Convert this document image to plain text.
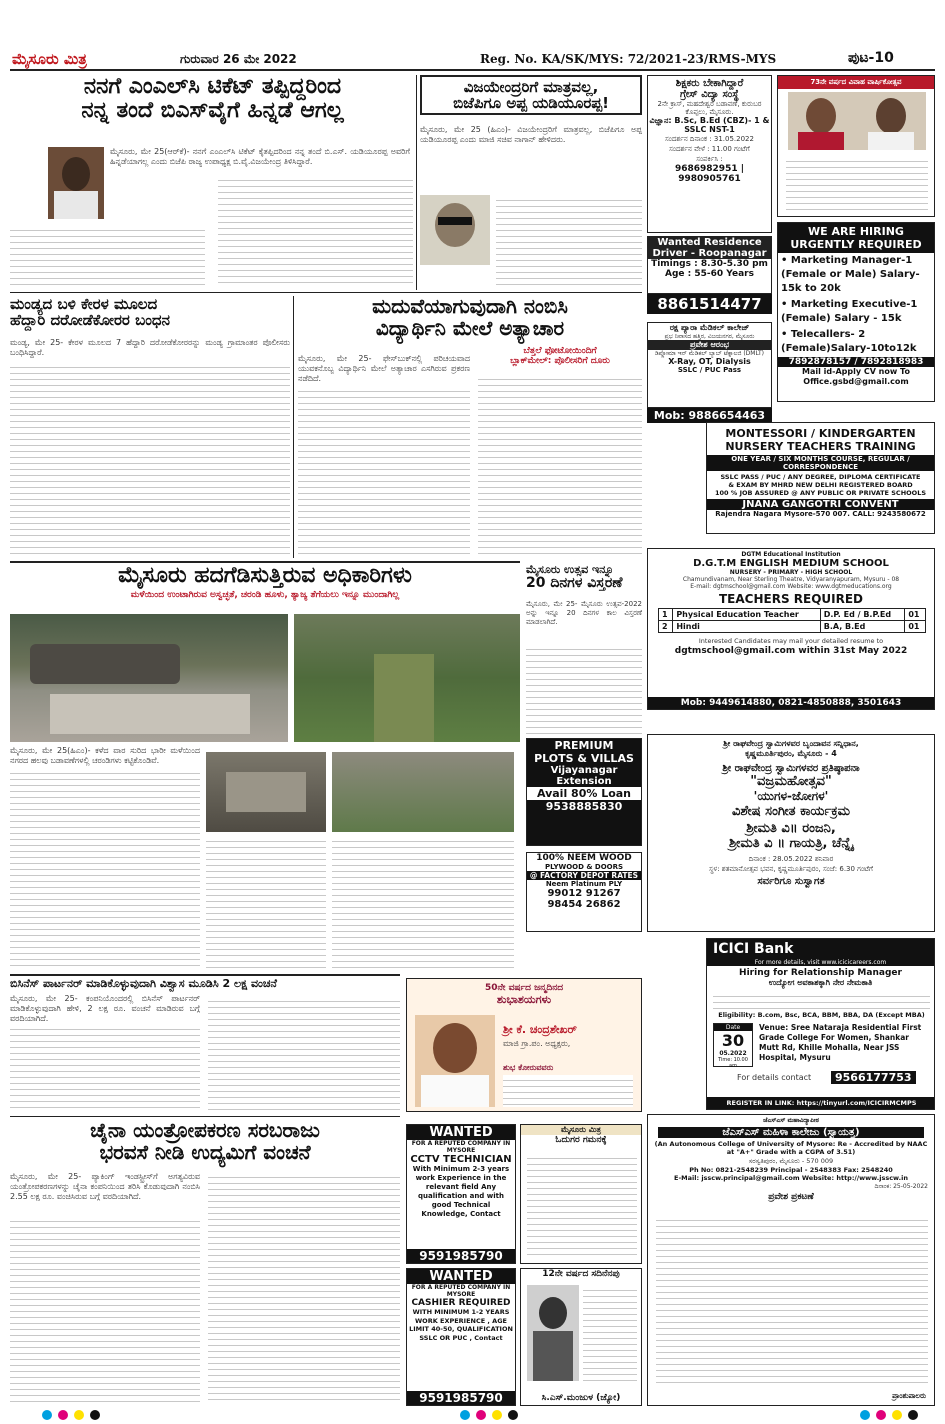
ಮೈಸೂರು ಮಿತ್ರ	ಗುರುವಾರ 26 ಮೇ 2022	Reg. No. KA/SK/MYS: 72/2021-23/RMS-MYS	ಪುಟ-10
ನನಗೆ ಎಂಎಲ್‌ಸಿ ಟಿಕೆಟ್ ತಪ್ಪಿದ್ದರಿಂದ
ನನ್ನ ತಂದೆ ಬಿಎಸ್‌ವೈಗೆ ಹಿನ್ನಡೆ ಆಗಲ್ಲ
ಮೈಸೂರು, ಮೇ 25(ಆರ್‌ಕೆ)- ನನಗೆ ಎಂಎಲ್‌ಸಿ ಟಿಕೆಟ್ ಕೈತಪ್ಪಿದರಿಂದ ನನ್ನ ತಂದೆ ಬಿ.ಎಸ್. ಯಡಿಯೂರಪ್ಪ ಅವರಿಗೆ ಹಿನ್ನಡೆಯಾಗಲ್ಲ ಎಂದು ಬಿಜೆಪಿ ರಾಜ್ಯ ಉಪಾಧ್ಯಕ್ಷ ಬಿ.ವೈ.ವಿಜಯೇಂದ್ರ ತಿಳಿಸಿದ್ದಾರೆ.
ವಿಜಯೇಂದ್ರರಿಗೆ ಮಾತ್ರವಲ್ಲ,
ಬಿಜೆಪಿಗೂ ಅಪ್ಪ ಯಡಿಯೂರಪ್ಪ!
ಮೈಸೂರು, ಮೇ 25 (ಹಿಎಂ)- ವಿಜಯೇಂದ್ರರಿಗೆ ಮಾತ್ರವಲ್ಲ, ಬಿಜೆಪಿಗೂ ಅಪ್ಪ ಯಡಿಯೂರಪ್ಪ ಎಂದು ಮಾಜಿ ಸಚಿವ ನಾಗಾನ್ ಹೇಳಿದರು.
ಶಿಕ್ಷಕರು ಬೇಕಾಗಿದ್ದಾರೆ
ಗ್ರೇಸ್ ವಿದ್ಯಾ ಸಂಸ್ಥೆ
2ನೇ ಕ್ರಾಸ್, ಮಹದೇಶ್ವರ ಬಡಾವಣೆ, ಕುರುಬರ ಕೊಪ್ಪಲು, ಮೈಸೂರು.
ವಿಜ್ಞಾನ: B.Sc, B.Ed (CBZ)- 1 & SSLC NST-1
ಸಂದರ್ಶನ ದಿನಾಂಕ : 31.05.2022
ಸಂದರ್ಶನ ವೇಳೆ : 11.00 ಗಂಟೆಗೆ
ಸಂಪರ್ಕಿಸಿ :
9686982951 | 9980905761
73ನೇ ವರ್ಷದ ವಿವಾಹ ವಾರ್ಷಿಕೋತ್ಸವ
Wanted Residence
Driver - Roopanagar
Timings : 8.30-5.30 pm
Age : 55-60 Years
8861514477
WE ARE HIRING
URGENTLY REQUIRED
• Marketing Manager-1 (Female or Male) Salary-15k to 20k
• Marketing Executive-1 (Female) Salary - 15k
• Telecallers- 2 (Female)Salary-10to12k
7892878157 / 7892818983
Mail id-Apply CV now To Office.gsbd@gmail.com
ಮಂಡ್ಯದ ಬಳಿ ಕೇರಳ ಮೂಲದ
ಹೆದ್ದಾರಿ ದರೋಡೆಕೋರರ ಬಂಧನ
ಮಂಡ್ಯ, ಮೇ 25- ಕೇರಳ ಮೂಲದ 7 ಹೆದ್ದಾರಿ ದರೋಡೆಕೋರರನ್ನು ಮಂಡ್ಯ ಗ್ರಾಮಾಂತರ ಪೊಲೀಸರು ಬಂಧಿಸಿದ್ದಾರೆ.
ಮದುವೆಯಾಗುವುದಾಗಿ ನಂಬಿಸಿ
ವಿದ್ಯಾರ್ಥಿನಿ ಮೇಲೆ ಅತ್ಯಾಚಾರ
ಬೆತ್ತಲೆ ಫೋಟೋಯಿಂದಿಗೆ
ಬ್ಲಾಕ್‌ಮೇಲ್: ಪೊಲೀಸರಿಗೆ ದೂರು
ಮೈಸೂರು, ಮೇ 25- ಫೇಸ್‌ಬುಕ್‌ನಲ್ಲಿ ಪರಿಚಯವಾದ ಯುವಕನೊಬ್ಬ ವಿದ್ಯಾರ್ಥಿನಿ ಮೇಲೆ ಅತ್ಯಾಚಾರ ಎಸಗಿರುವ ಪ್ರಕರಣ ನಡೆದಿದೆ.
ರಕ್ಷ ಪ್ಯಾರಾ ಮೆಡಿಕಲ್ ಕಾಲೇಜ್
ಪ್ರಭ ನಿವಾಸದ ಹತ್ತಿರ, ವಿಜಯನಗರ, ಮೈಸೂರು
ಪ್ರವೇಶ ಆರಂಭ
ಡಿಪ್ಲೋಮಾ ಇನ್ ಮೆಡಿಕಲ್ ಲ್ಯಾಬ್ ಟೆಕ್ನಾಲಜಿ (DMLT)
X-Ray, OT, Dialysis
SSLC / PUC Pass
Mob: 9886654463
MONTESSORI / KINDERGARTEN
NURSERY TEACHERS TRAINING
ONE YEAR / SIX MONTHS COURSE, REGULAR / CORRESPONDENCE
SSLC PASS / PUC / ANY DEGREE, DIPLOMA CERTIFICATE
& EXAM BY MHRD NEW DELHI REGISTERED BOARD
100 % JOB ASSURED @ ANY PUBLIC OR PRIVATE SCHOOLS
JNANA GANGOTRI CONVENT
Rajendra Nagara Mysore-570 007. CALL: 9243580672
ಮೈಸೂರು ಹದಗೆಡಿಸುತ್ತಿರುವ ಅಧಿಕಾರಿಗಳು
ಮಳೆಯಿಂದ ಉಂಟಾಗಿರುವ ಅಸ್ವಚ್ಛತೆ, ಚರಂಡಿ ಹೂಳು, ತ್ಯಾಜ್ಯ ತೆಗೆಯಲು ಇನ್ನೂ ಮುಂದಾಗಿಲ್ಲ
ಮೈಸೂರು, ಮೇ 25(ಹಿಎಂ)- ಕಳೆದ ವಾರ ಸುರಿದ ಭಾರೀ ಮಳೆಯಿಂದ ನಗರದ ಹಲವು ಬಡಾವಣೆಗಳಲ್ಲಿ ಚರಂಡಿಗಳು ಕಟ್ಟಿಕೊಂಡಿವೆ.
ಮೈಸೂರು ಉತ್ಸವ ಇನ್ನೂ
20 ದಿನಗಳ ವಿಸ್ತರಣೆ
ಮೈಸೂರು, ಮೇ 25- ಮೈಸೂರು ಉತ್ಸವ-2022 ಅನ್ನು ಇನ್ನೂ 20 ದಿನಗಳ ಕಾಲ ವಿಸ್ತರಣೆ ಮಾಡಲಾಗಿದೆ.
DGTM Educational Institution
D.G.T.M ENGLISH MEDIUM SCHOOL
NURSERY - PRIMARY - HIGH SCHOOL
Chamundivanam, Near Sterling Theatre, Vidyaranyapuram, Mysuru - 08
E-mail: dgtmschool@gmail.com Website: www.dgtmeducations.org
TEACHERS REQUIRED
1	Physical Education Teacher	D.P. Ed / B.P.Ed	01
2	Hindi	B.A, B.Ed	01
Interested Candidates may mail your detailed resume to
dgtmschool@gmail.com within 31st May 2022
Mob: 9449614880, 0821-4850888, 3501643
PREMIUM
PLOTS & VILLAS
Vijayanagar
Extension
Avail 80% Loan
9538885830
100% NEEM WOOD
PLYWOOD & DOORS
@ FACTORY DEPOT RATES
Neem Platinum PLY
99012 91267
98454 26862
ಶ್ರೀ ರಾಘವೇಂದ್ರ ಸ್ವಾಮಿಗಳವರ ಬೃಂದಾವನ ಸನ್ನಿಧಾನ,
ಕೃಷ್ಣಮೂರ್ತಿಪುರಂ, ಮೈಸೂರು - 4
ಶ್ರೀ ರಾಘವೇಂದ್ರ ಸ್ವಾಮಿಗಳವರ ಪ್ರತಿಷ್ಠಾಪನಾ
"ವಜ್ರಮಹೋತ್ಸವ"
'ಯುಗಳ-ಜೋಗಳ'
ವಿಶೇಷ ಸಂಗೀತ ಕಾರ್ಯಕ್ರಮ
ಶ್ರೀಮತಿ ವಿ॥ ರಂಜನಿ,
ಶ್ರೀಮತಿ ವಿ ॥ ಗಾಯತ್ರಿ, ಚೆನ್ನೈ
ದಿನಾಂಕ : 28.05.2022 ಶನಿವಾರ
ಸ್ಥಳ: ಶತಮಾನೋತ್ಸವ ಭವನ, ಕೃಷ್ಣಮೂರ್ತಿಪುರಂ, ಸಂಜೆ: 6.30 ಗಂಟೆಗೆ
ಸರ್ವರಿಗೂ ಸುಸ್ವಾಗತ
ಬಿಸಿನೆಸ್ ಪಾರ್ಟನರ್ ಮಾಡಿಕೊಳ್ಳುವುದಾಗಿ ವಿಶ್ವಾಸ ಮೂಡಿಸಿ 2 ಲಕ್ಷ ವಂಚನೆ
ಮೈಸೂರು, ಮೇ 25- ಕಂಪನಿಯೊಂದರಲ್ಲಿ ಬಿಸಿನೆಸ್ ಪಾರ್ಟನರ್ ಮಾಡಿಕೊಳ್ಳುವುದಾಗಿ ಹೇಳಿ, 2 ಲಕ್ಷ ರೂ. ವಂಚನೆ ಮಾಡಿರುವ ಬಗ್ಗೆ ವರದಿಯಾಗಿದೆ.
50ನೇ ವರ್ಷದ ಜನ್ಮದಿನದ
ಶುಭಾಶಯಗಳು
ಶ್ರೀ ಕೆ. ಚಂದ್ರಶೇಖರ್
ಮಾಜಿ ಗ್ರಾ.ಪಂ. ಅಧ್ಯಕ್ಷರು,
ಶುಭ ಕೋರುವವರು
ICICI Bank
For more details, visit www.icicicareers.com
Hiring for Relationship Manager
ಉದ್ಯೋಗ ಅವಕಾಶಕ್ಕಾಗಿ ನೇರ ನೇಮಕಾತಿ
Eligibility: B.com, Bsc, BCA, BBM, BBA, DA (Except MBA)
Date
30
05.2022
Time: 10.00 am
Venue: Sree Nataraja Residential First Grade College For Women, Shankar Mutt Rd, Khille Mohalla, Near JSS Hospital, Mysuru
For details contact	9566177753
REGISTER IN LINK: https://tinyurl.com/ICICIRMCMPS
ಚೈನಾ ಯಂತ್ರೋಪಕರಣ ಸರಬರಾಜು
ಭರವಸೆ ನೀಡಿ ಉದ್ಯಮಿಗೆ ವಂಚನೆ
ಮೈಸೂರು, ಮೇ 25- ಪ್ಯಾಕಿಂಗ್ ಇಂಡಸ್ಟ್ರೀಸ್‌ಗೆ ಅಗತ್ಯವಿರುವ ಯಂತ್ರೋಪಕರಣಗಳನ್ನು ಚೈನಾ ಕಂಪನಿಯಿಂದ ತರಿಸಿ ಕೊಡುವುದಾಗಿ ನಂಬಿಸಿ 2.55 ಲಕ್ಷ ರೂ. ವಂಚಿಸಿರುವ ಬಗ್ಗೆ ವರದಿಯಾಗಿದೆ.
WANTED
FOR A REPUTED COMPANY IN MYSORE
CCTV TECHNICIAN
With Minimum 2-3 years work Experience in the relevant field Any qualification and with good Technical Knowledge, Contact
9591985790
WANTED
FOR A REPUTED COMPANY IN MYSORE
CASHIER REQUIRED
WITH MINIMUM 1-2 YEARS WORK EXPERIENCE , AGE LIMIT 40-50, QUALIFICATION SSLC OR PUC , Contact
9591985790
ಮೈಸೂರು ಮಿತ್ರ
ಓದುಗರ ಗಮನಕ್ಕೆ
12ನೇ ವರ್ಷದ ಸದಿನೆನಪು
ಸಿ.ಎಸ್.ಮಂಜುಳ (ಜ್ಯೋ)
ಜೆಎಸ್‌ಎಸ್ ಮಹಾವಿದ್ಯಾಪೀಠ
ಜೆಎಸ್‌ಎಸ್ ಮಹಿಳಾ ಕಾಲೇಜು (ಸ್ವಾಯತ್ತ)
(An Autonomous College of University of Mysore: Re - Accredited by NAAC at "A+" Grade with a CGPA of 3.51)
ಸರಸ್ವತಿಪುರಂ, ಮೈಸೂರು - 570 009
Ph No: 0821-2548239 Principal - 2548383 Fax: 2548240
E-Mail: jsscw.principal@gmail.com Website: http://www.jsscw.in
ದಿನಾಂಕ: 25-05-2022
ಪ್ರವೇಶ ಪ್ರಕಟಣೆ
ಪ್ರಾಂಶುಪಾಲರು
